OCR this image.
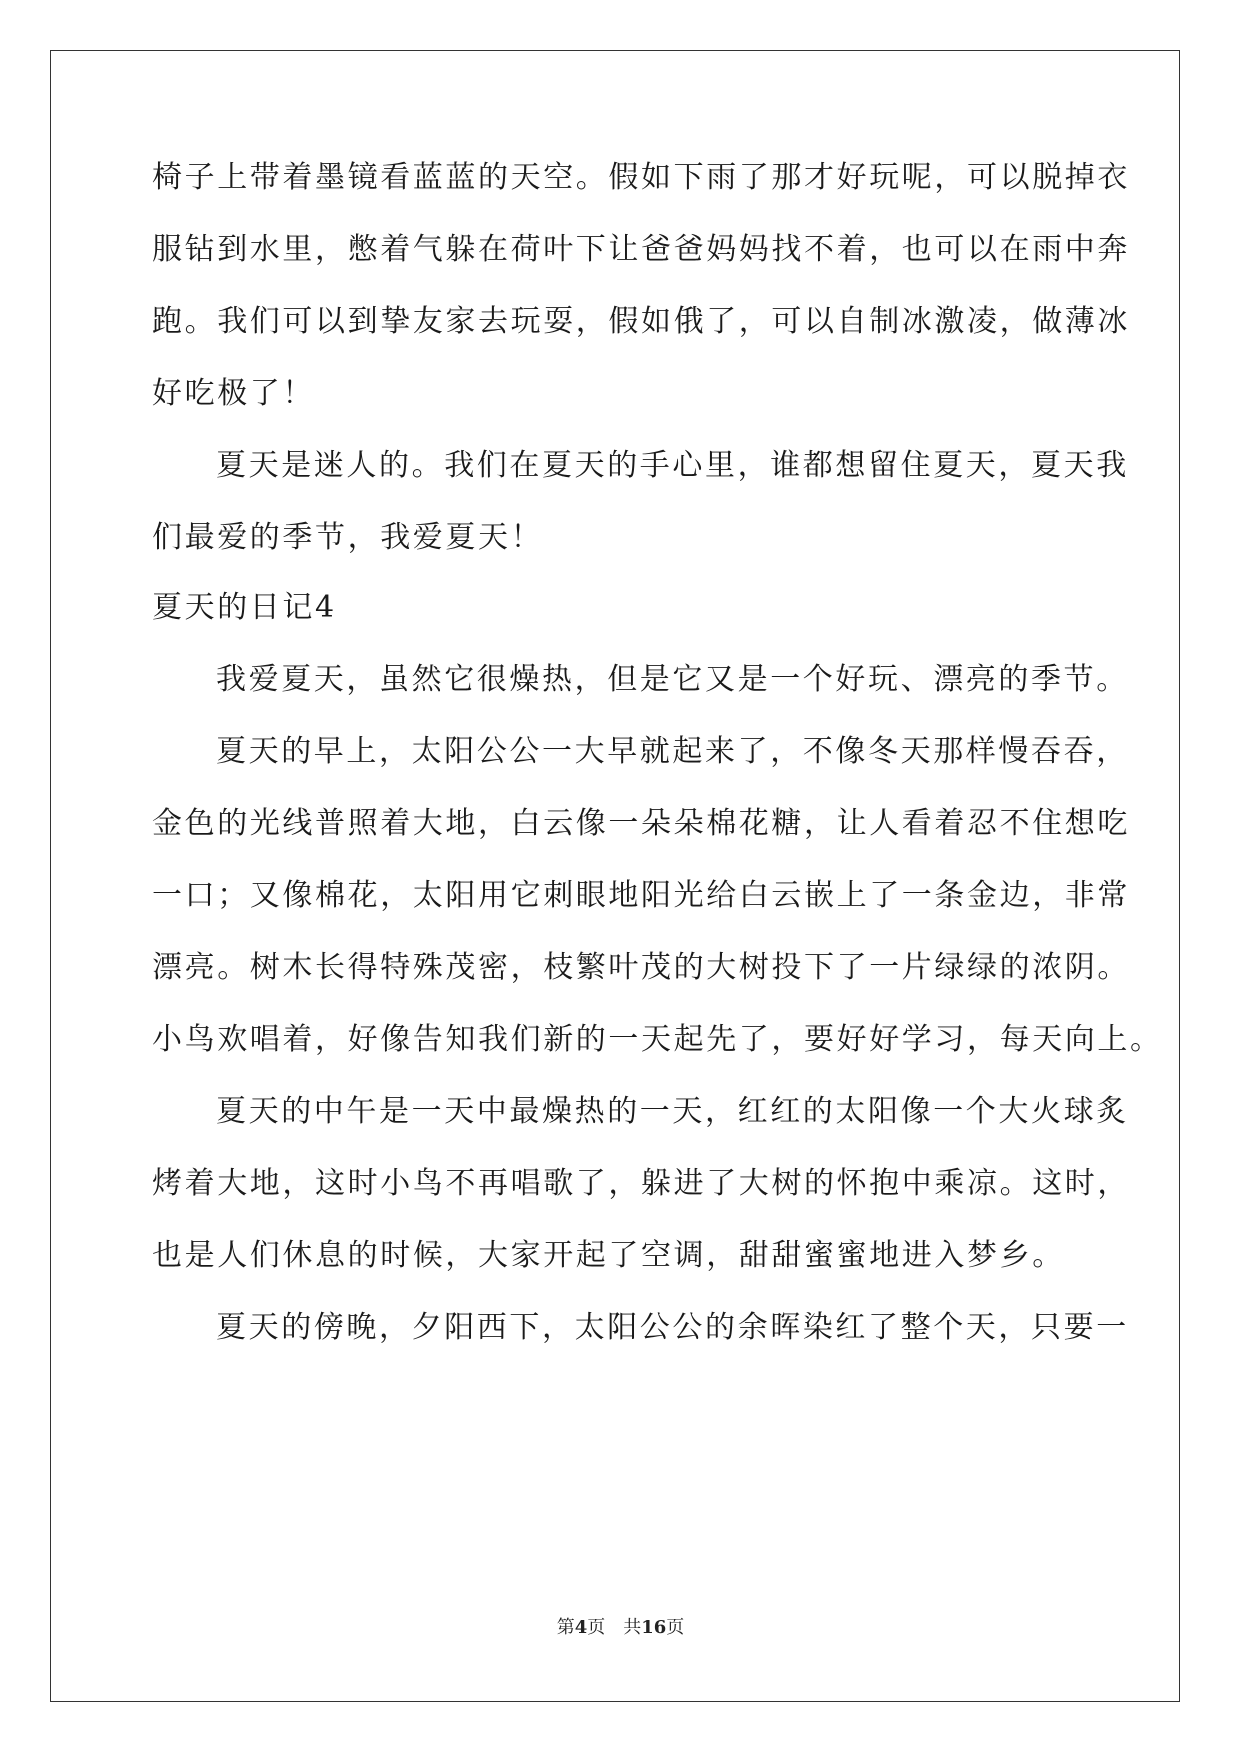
椅子上带着墨镜看蓝蓝的天空。假如下雨了那才好玩呢，可以脱掉衣
服钻到水里，憋着气躲在荷叶下让爸爸妈妈找不着，也可以在雨中奔
跑。我们可以到挚友家去玩耍，假如俄了，可以自制冰激凌，做薄冰
好吃极了！
夏天是迷人的。我们在夏天的手心里，谁都想留住夏天，夏天我
们最爱的季节，我爱夏天！
夏天的日记4
我爱夏天，虽然它很燥热，但是它又是一个好玩、漂亮的季节。
夏天的早上，太阳公公一大早就起来了，不像冬天那样慢吞吞，
金色的光线普照着大地，白云像一朵朵棉花糖，让人看着忍不住想吃
一口；又像棉花，太阳用它刺眼地阳光给白云嵌上了一条金边，非常
漂亮。树木长得特殊茂密，枝繁叶茂的大树投下了一片绿绿的浓阴。
小鸟欢唱着，好像告知我们新的一天起先了，要好好学习，每天向上。
夏天的中午是一天中最燥热的一天，红红的太阳像一个大火球炙
烤着大地，这时小鸟不再唱歌了，躲进了大树的怀抱中乘凉。这时，
也是人们休息的时候，大家开起了空调，甜甜蜜蜜地进入梦乡。
夏天的傍晚，夕阳西下，太阳公公的余晖染红了整个天，只要一
第4页　共16页
